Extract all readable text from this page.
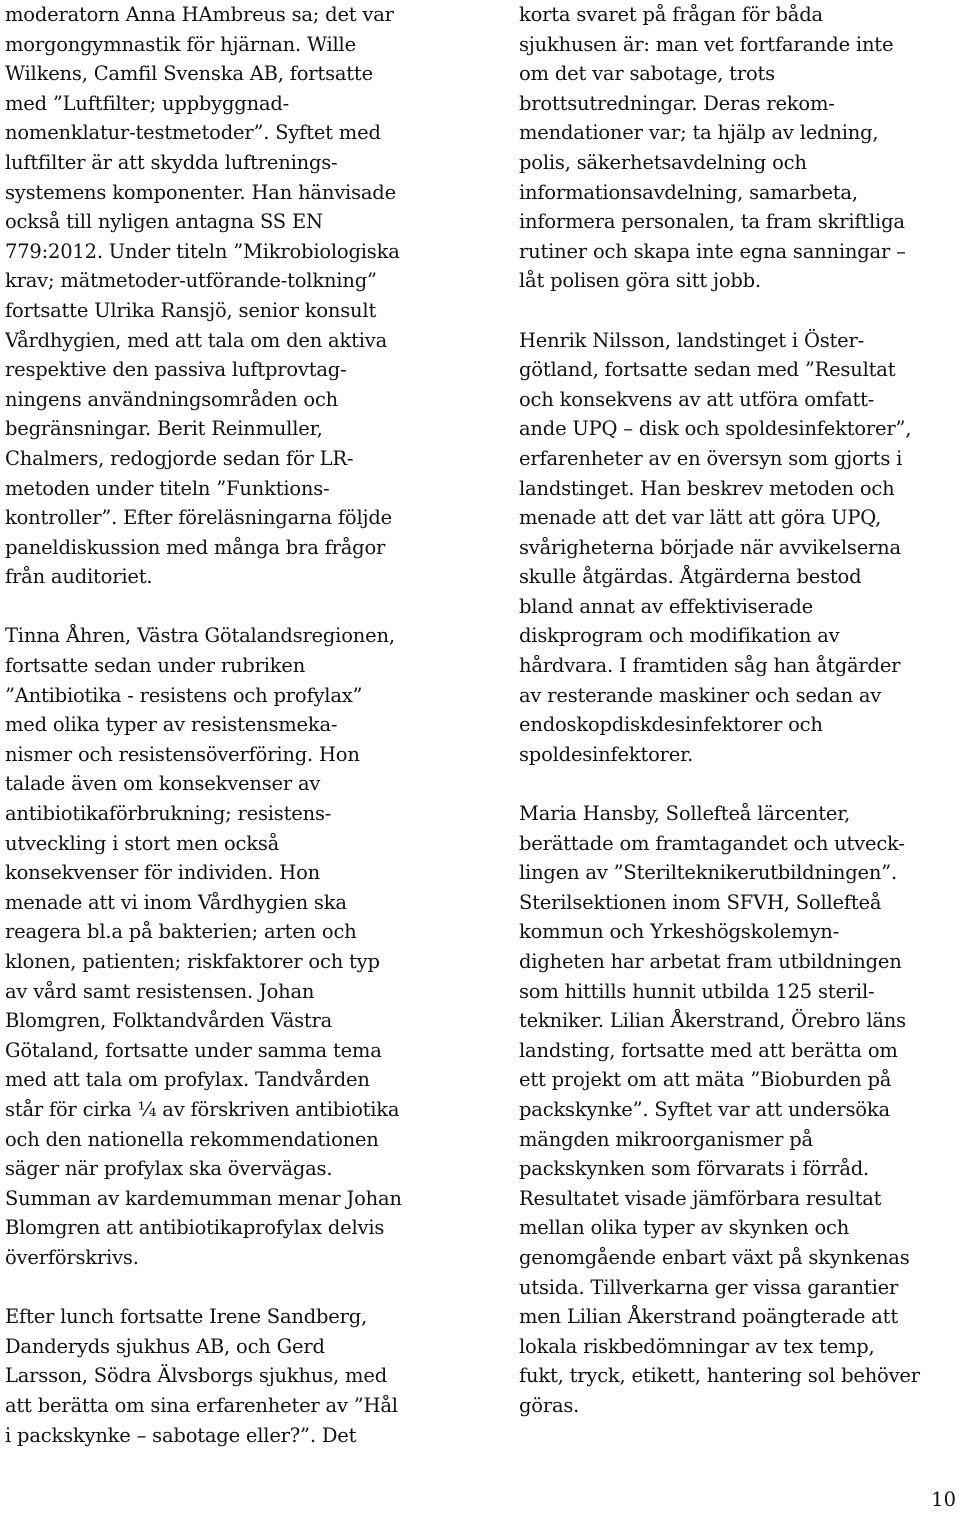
moderatorn Anna HAmbreus sa; det var
morgongymnastik för hjärnan. Wille
Wilkens, Camfil Svenska AB, fortsatte
med ”Luftfilter; uppbyggnad-
nomenklatur-testmetoder”. Syftet med
luftfilter är att skydda luftrenings-
systemens komponenter. Han hänvisade
också till nyligen antagna SS EN
779:2012. Under titeln ”Mikrobiologiska
krav; mätmetoder-utförande-tolkning”
fortsatte Ulrika Ransjö, senior konsult
Vårdhygien, med att tala om den aktiva
respektive den passiva luftprovtag-
ningens användningsområden och
begränsningar. Berit Reinmuller,
Chalmers, redogjorde sedan för LR-
metoden under titeln ”Funktions-
kontroller”. Efter föreläsningarna följde
paneldiskussion med många bra frågor
från auditoriet.
Tinna Åhren, Västra Götalandsregionen,
fortsatte sedan under rubriken
”Antibiotika - resistens och profylax”
med olika typer av resistensmeka-
nismer och resistensöverföring. Hon
talade även om konsekvenser av
antibiotikaförbrukning; resistens-
utveckling i stort men också
konsekvenser för individen. Hon
menade att vi inom Vårdhygien ska
reagera bl.a på bakterien; arten och
klonen, patienten; riskfaktorer och typ
av vård samt resistensen. Johan
Blomgren, Folktandvården Västra
Götaland, fortsatte under samma tema
med att tala om profylax. Tandvården
står för cirka ¼ av förskriven antibiotika
och den nationella rekommendationen
säger när profylax ska övervägas.
Summan av kardemumman menar Johan
Blomgren att antibiotikaprofylax delvis
överförskrivs.
Efter lunch fortsatte Irene Sandberg,
Danderyds sjukhus AB, och Gerd
Larsson, Södra Älvsborgs sjukhus, med
att berätta om sina erfarenheter av ”Hål
i packskynke – sabotage eller?”. Det
korta svaret på frågan för båda
sjukhusen är: man vet fortfarande inte
om det var sabotage, trots
brottsutredningar. Deras rekom-
mendationer var; ta hjälp av ledning,
polis, säkerhetsavdelning och
informationsavdelning, samarbeta,
informera personalen, ta fram skriftliga
rutiner och skapa inte egna sanningar –
låt polisen göra sitt jobb.
Henrik Nilsson, landstinget i Öster-
götland, fortsatte sedan med ”Resultat
och konsekvens av att utföra omfatt-
ande UPQ – disk och spoldesinfektorer”,
erfarenheter av en översyn som gjorts i
landstinget. Han beskrev metoden och
menade att det var lätt att göra UPQ,
svårigheterna började när avvikelserna
skulle åtgärdas. Åtgärderna bestod
bland annat av effektiviserade
diskprogram och modifikation av
hårdvara. I framtiden såg han åtgärder
av resterande maskiner och sedan av
endoskopdiskdesinfektorer och
spoldesinfektorer.
Maria Hansby, Sollefteå lärcenter,
berättade om framtagandet och utveck-
lingen av ”Sterilteknikerutbildningen”.
Sterilsektionen inom SFVH, Sollefteå
kommun och Yrkeshögskolemyn-
digheten har arbetat fram utbildningen
som hittills hunnit utbilda 125 steril-
tekniker. Lilian Åkerstrand, Örebro läns
landsting, fortsatte med att berätta om
ett projekt om att mäta ”Bioburden på
packskynke”. Syftet var att undersöka
mängden mikroorganismer på
packskynken som förvarats i förråd.
Resultatet visade jämförbara resultat
mellan olika typer av skynken och
genomgående enbart växt på skynkenas
utsida. Tillverkarna ger vissa garantier
men Lilian Åkerstrand poängterade att
lokala riskbedömningar av tex temp,
fukt, tryck, etikett, hantering sol behöver
göras.
10
